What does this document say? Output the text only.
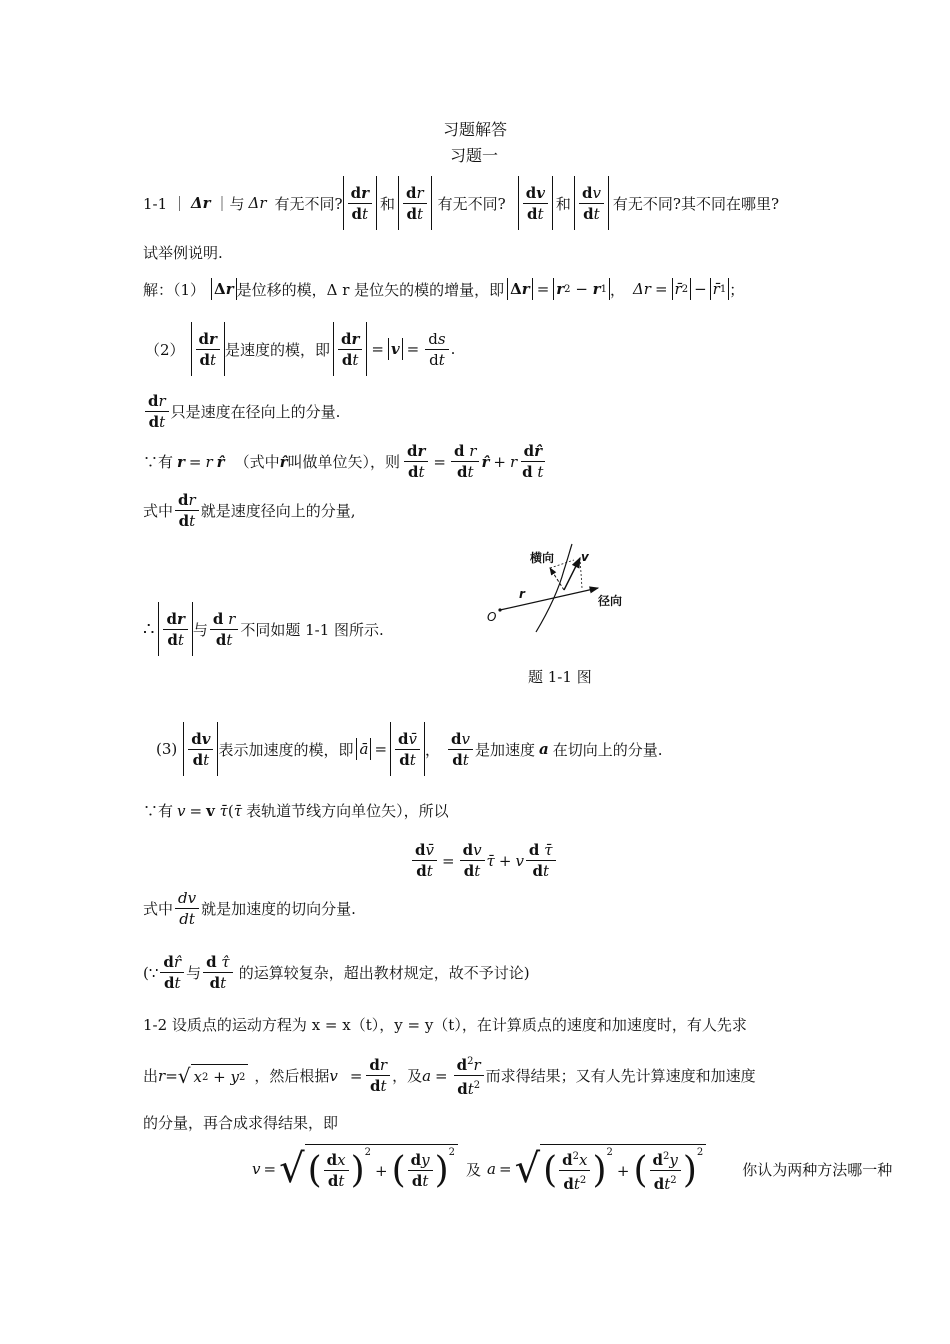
习题解答
习题一
1-1 ｜ Δr ｜与 Δr 有无不同? $\frac{dr}{dt}$ 和 $\frac{dr}{dt}$ 有无不同? $\frac{dv}{dt}$ 和 $\frac{dv}{dt}$ 有无不同?其不同在哪里?
试举例说明.
解：（1） Δ r 是位移的模，Δ r 是位矢的模的增量，即 Δ r = r 2 − r 1 ， Δr = r̄ 2 − r̄ 1 ；
$(2) \frac{dr}{dt}$ 是速度的模，即 $\frac{dr}{dt} = v = \frac{ds}{dt}$ .
$\frac{dr}{dt}$ 只是速度在径向上的分量.
∵有 r = r r̂ （式中 r̂ 叫做单位矢），则 $\frac{dr}{dt} = \frac{\text{d r}}{dt}$ r̂ + r $\frac{dr̂}{\text{d t}}$
式中 $\frac{dr}{dt}$ 就是速度径向上的分量,
横向 v
径向
r
O
题 1-1 图
∴ $\frac{dr}{dt}$ 与 $\frac{\text{d r}}{dt}$ 不同如题 1-1 图所示.
$(3) \frac{dv}{dt}$ 表示加速度的模，即 ā = $\frac{dv̄}{dt}$ ， $\frac{dv}{dt}$ 是加速度 a 在切向上的分量.
∵有 v = v
τ̄ ( τ̄ 表轨道节线方向单位矢），所以
$\frac{dv̄}{dt} = \frac{dv}{dt}$ τ̄ + v $\frac{\text{d τ̄}}{dt}$
式中 $\frac{dv}{dt}$ 就是加速度的切向分量.
(∵ $\frac{dr̂}{dt}$ 与 $\frac{\text{d τ̂}}{dt}$ 的运算较复杂，超出教材规定，故不予讨论)
1-2 设质点的运动方程为 x = x（t），y = y（t），在计算质点的速度和加速度时，有人先求
出 r = √ x 2 + y 2 ，然后根据 $v = \frac{dr}{dt}$ ，及 $a = \frac{d^2r}{dt^2}$ 而求得结果；又有人先计算速度和加速度
的分量，再合成求得结果，即
v = √ ( $\frac{dx}{dt} )^2$
+ ( $\frac{dy}{dt} )^2$
及 a = √ ( $\frac{d^2x}{dt^2} )^2$
+ ( $\frac{d^2y}{dt^2} )^2$
你认为两种方法哪一种
